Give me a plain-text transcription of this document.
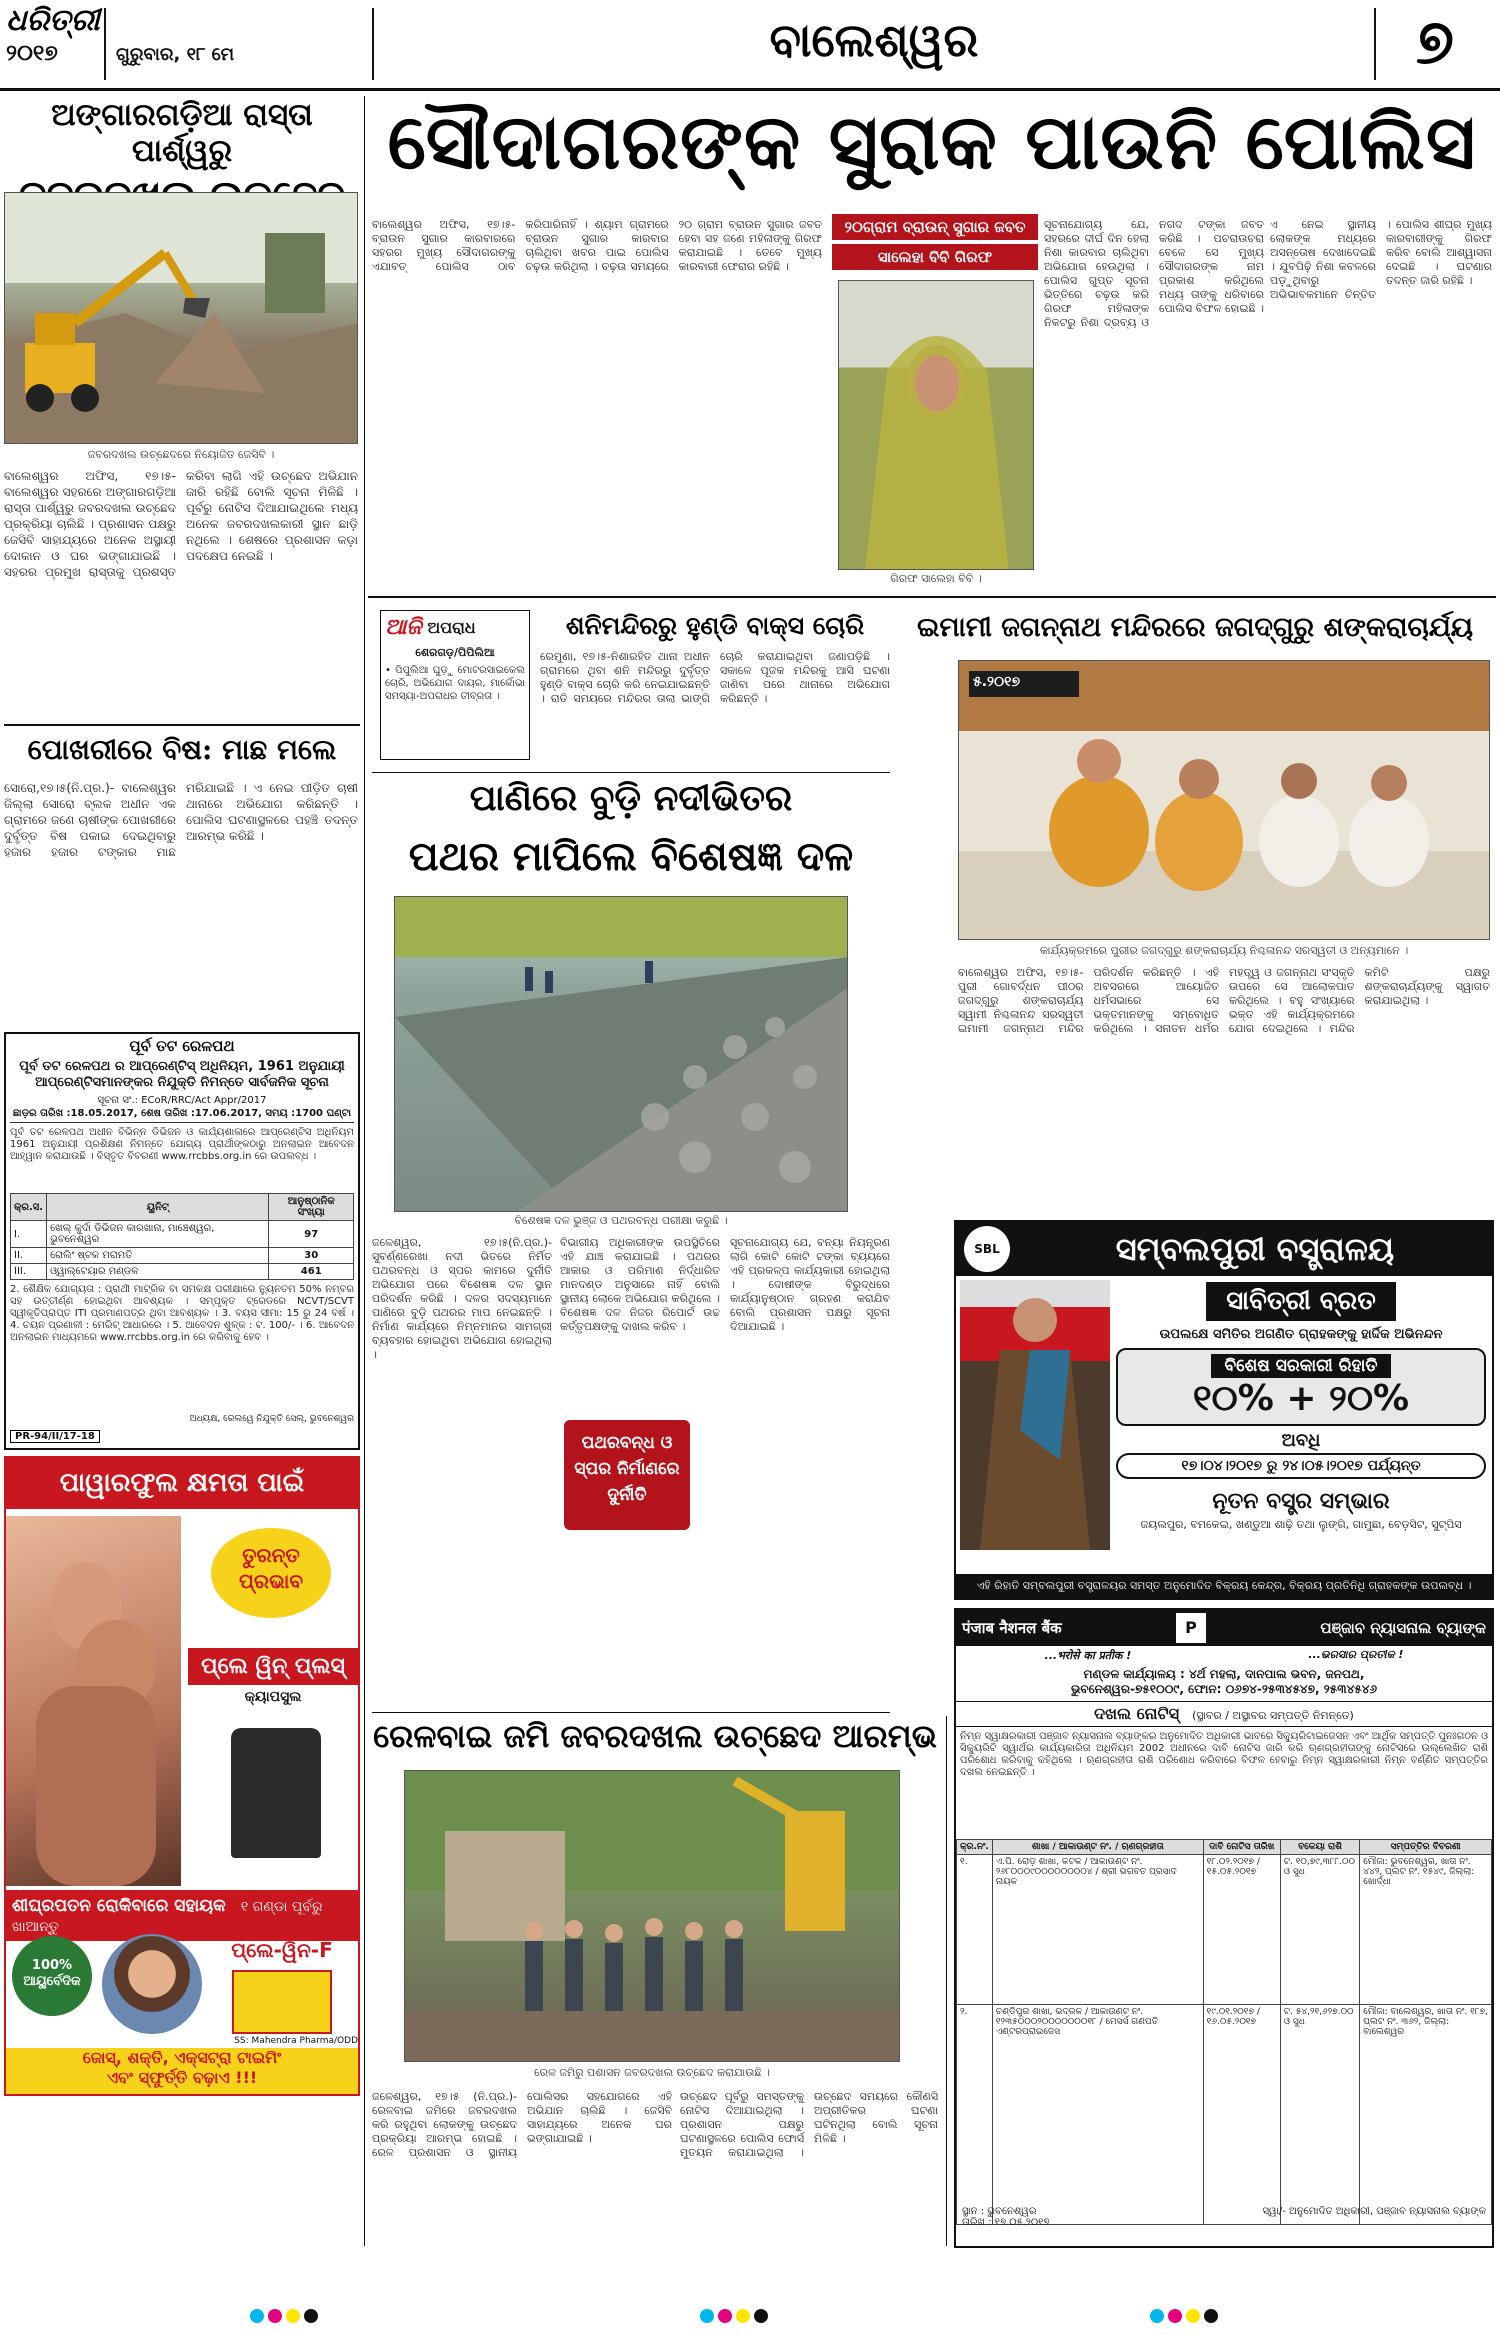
ଧରିତ୍ରୀ
୨୦୧୭	ଗୁରୁବାର, ୧୮ ମେ	ବାଲେଶ୍ୱର	୭
ଅଙ୍ଗାରଗଡ଼ିଆ ରାସ୍ତା ପାର୍ଶ୍ୱରୁ
ଜବରଦଖଲ ଉଚ୍ଛେଦରେ ନିୟୋଜିତ ଜେସିବି ।
ବାଲେଶ୍ୱର ଅଫିସ, ୧୭।୫- ବାଲେଶ୍ୱର ସହରରେ ଅଙ୍ଗାରଗଡ଼ିଆ ରାସ୍ତା ପାର୍ଶ୍ୱରୁ ଜବରଦଖଲ ଉଚ୍ଛେଦ ପ୍ରକ୍ରିୟା ଚାଲିଛି । ପ୍ରଶାସନ ପକ୍ଷରୁ ଜେସିବି ସାହାଯ୍ୟରେ ଅନେକ ଅସ୍ଥାୟୀ ଦୋକାନ ଓ ଘର ଭଙ୍ଗାଯାଇଛି । ସହରର ପ୍ରମୁଖ ରାସ୍ତାକୁ ପ୍ରଶସ୍ତ କରିବା ଲାଗି ଏହି ଉଚ୍ଛେଦ ଅଭିଯାନ ଜାରି ରହିଛି ବୋଲି ସୂଚନା ମିଳିଛି । ପୂର୍ବରୁ ନୋଟିସ ଦିଆଯାଇଥିଲେ ମଧ୍ୟ ଅନେକ ଜବରଦଖଲକାରୀ ସ୍ଥାନ ଛାଡ଼ି ନଥିଲେ । ଶେଷରେ ପ୍ରଶାସନ କଡ଼ା ପଦକ୍ଷେପ ନେଇଛି ।
ପୋଖରୀରେ ବିଷ: ମାଛ ମଲେ
ସୋରୋ,୧୭।୫(ନି.ପ୍ର.)- ବାଲେଶ୍ୱର ଜିଲ୍ଲା ସୋରୋ ବ୍ଲକ ଅଧୀନ ଏକ ଗ୍ରାମରେ ଜଣେ ଚାଷୀଙ୍କ ପୋଖରୀରେ ଦୁର୍ବୃତ୍ତ ବିଷ ପକାଇ ଦେଇଥିବାରୁ ହଜାର ହଜାର ଟଙ୍କାର ମାଛ ମରିଯାଇଛି । ଏ ନେଇ ପୀଡ଼ିତ ଚାଷୀ ଥାନାରେ ଅଭିଯୋଗ କରିଛନ୍ତି । ପୋଲିସ ଘଟଣାସ୍ଥଳରେ ପହଞ୍ଚି ତଦନ୍ତ ଆରମ୍ଭ କରିଛି ।
ପୂର୍ବ ତଟ ରେଳପଥ
ପୂର୍ବ ତଟ ରେଳପଥ ର ଆପ୍ରେଣ୍ଟିସ୍ ଅଧିନିୟମ, 1961 ଅନୁଯାୟୀ ଆପ୍ରେଣ୍ଟିସମାନଙ୍କର ନିଯୁକ୍ତି ନିମନ୍ତେ ସାର୍ବଜନିକ ସୂଚନା
ସୂଚନା ସଂ.: ECoR/RRC/Act Appr/2017
ଛାଡ଼ର ତାରିଖ :18.05.2017, ଶେଷ ତାରିଖ :17.06.2017, ସମୟ :1700 ଘଣ୍ଟା
ପୂର୍ବ ତଟ ରେଳପଥ ଅଧୀନ ବିଭିନ୍ନ ଡିଭିଜନ ଓ କାର୍ଯ୍ୟଶାଳାରେ ଆପ୍ରେଣ୍ଟିସ ଅଧିନିୟମ 1961 ଅନୁଯାୟୀ ପ୍ରଶିକ୍ଷଣ ନିମନ୍ତେ ଯୋଗ୍ୟ ପ୍ରାର୍ଥୀଙ୍କଠାରୁ ଅନଲାଇନ ଆବେଦନ ଆହ୍ୱାନ କରାଯାଉଛି । ବିସ୍ତୃତ ବିବରଣୀ www.rrcbbs.org.in ରେ ଉପଲବ୍ଧ ।
କ୍ର.ସ.	ୟୁନିଟ୍	ଆନୁଷ୍ଠାନିକ ସଂଖ୍ୟା
I.	ଖେଲ୍ କୁର୍ଦା ଡିଭିଜନ କାରଖାନା, ମାଞ୍ଚେଶ୍ୱର, ଭୁବନେଶ୍ୱର	97
II.	ରୋଲିଂ ଷ୍ଟକ ମରାମତି	30
III.	ଓ୍ୱାଲ୍‌ଟେୟାର ମଣ୍ଡଳ	461
2. ଶୈକ୍ଷିକ ଯୋଗ୍ୟତା : ପ୍ରାର୍ଥୀ ମାଟ୍ରିକ ବା ସମକକ୍ଷ ପରୀକ୍ଷାରେ ନ୍ୟୁନତମ 50% ନମ୍ବର ସହ ଉତ୍ତୀର୍ଣ୍ଣ ହୋଇଥିବା ଆବଶ୍ୟକ । ସମ୍ପୃକ୍ତ ଟ୍ରେଡରେ NCVT/SCVT ସ୍ୱୀକୃତିପ୍ରାପ୍ତ ITI ପ୍ରମାଣପତ୍ର ଥିବା ଆବଶ୍ୟକ । 3. ବୟସ ସୀମା: 15 ରୁ 24 ବର୍ଷ । 4. ଚୟନ ପ୍ରଣାଳୀ : ମେରିଟ୍ ଆଧାରରେ । 5. ଆବେଦନ ଶୁଳ୍କ : ଟ. 100/- । 6. ଆବେଦନ ଅନଲାଇନ ମାଧ୍ୟମରେ www.rrcbbs.org.in ରେ କରିବାକୁ ହେବ ।
ଅଧ୍ୟକ୍ଷ, ରେଲୱେ ନିଯୁକ୍ତି ସେଲ୍, ଭୁବନେଶ୍ୱର
PR-94/II/17-18
ପାୱାରଫୁଲ କ୍ଷମତା ପାଇଁ
ତୁରନ୍ତ ପ୍ରଭାବ
ପ୍ଲେ ୱିନ୍ ପ୍ଲସ୍
କ୍ୟାପସୁଲ
ଶୀଘ୍ରପତନ ରୋକିବାରେ ସହାୟକ ୧ ଗଣ୍ଡା ପୂର୍ବରୁ ଖାଆନ୍ତୁ
100% ଆୟୁର୍ବେଦିକ
ପ୍ଲେ-ୱିନ-F
SS: Mahendra Pharma/ODD
ଜୋସ୍, ଶକ୍ତି, ଏକ୍ସଟ୍ରା ଟାଇମିଂ
ଏବଂ ସ୍ଫୁର୍ତ୍ତି ବଢ଼ାଏ !!!
ସୌଦାଗରଙ୍କ ସୁରାକ ପାଉନି ପୋଲିସ
ବାଲେଶ୍ୱର ଅଫିସ, ୧୭।୫- ବ୍ରାଉନ ସୁଗାର କାରବାରରେ ସହରର ମୁଖ୍ୟ ସୌଦାଗରଙ୍କୁ ଏଯାବତ୍ ପୋଲିସ ଠାବ କରିପାରିନାହିଁ । ଶ୍ୟାମ ଗ୍ରାମରେ ବ୍ରାଉନ ସୁଗାର କାରବାର ଚାଲିଥିବା ଖବର ପାଇ ପୋଲିସ ଚଢ଼ଉ କରିଥିଲା । ଚଢ଼ଉ ସମୟରେ ୨୦ ଗ୍ରାମ ବ୍ରାଉନ ସୁଗାର ଜବତ ହେବା ସହ ଜଣେ ମହିଳାଙ୍କୁ ଗିରଫ କରାଯାଇଛି । ତେବେ ମୁଖ୍ୟ କାରବାରୀ ଫେରାର ରହିଛି ।
୨୦ଗ୍ରାମ ବ୍ରାଉନ୍ ସୁଗାର ଜବତ
ସାଲେହା ବିବି ଗିରଫ
ଗିରଫ ସାଲେହା ବିବି ।
ସୂଚନାଯୋଗ୍ୟ ଯେ, ସହରରେ ଦୀର୍ଘ ଦିନ ହେଲା ନିଶା କାରବାର ଚାଲିଥିବା ଅଭିଯୋଗ ହେଉଥିଲା । ପୋଲିସ ଗୁପ୍ତ ସୂଚନା ଭିତ୍ତିରେ ଚଢ଼ଉ କରି ଗିରଫ ମହିଳାଙ୍କ ନିକଟରୁ ନିଶା ଦ୍ରବ୍ୟ ଓ ନଗଦ ଟଙ୍କା ଜବତ କରିଛି । ପଚରାଉଚରା ବେଳେ ସେ ମୁଖ୍ୟ ସୌଦାଗରଙ୍କ ନାମ ପ୍ରକାଶ କରିଥିଲେ ମଧ୍ୟ ତାଙ୍କୁ ଧରିବାରେ ପୋଲିସ ବିଫଳ ହୋଇଛି ।
ଏ ନେଇ ସ୍ଥାନୀୟ ଲୋକଙ୍କ ମଧ୍ୟରେ ଅସନ୍ତୋଷ ଦେଖାଦେଇଛି । ଯୁବପିଢ଼ି ନିଶା କବଳରେ ପଡ଼ୁଥିବାରୁ ଅଭିଭାବକମାନେ ଚିନ୍ତିତ । ପୋଲିସ ଶୀଘ୍ର ମୁଖ୍ୟ କାରବାରୀଙ୍କୁ ଗିରଫ କରିବ ବୋଲି ଆଶ୍ୱାସନା ଦେଇଛି । ଘଟଣାର ତଦନ୍ତ ଜାରି ରହିଛି ।
ଆଜି ଅପରାଧ
ଶେରଗଡ଼/ପିପିଲିଆ
• ପିପୁଲିଆ ଘୁଡ଼ୁ ମୋଟରସାଇକେଲ ଚୋରି, ଅଭିଯୋଗ ଦାୟର, ମାର୍କୋଭା ସମସ୍ୟା-ଅପରାଧର ତୀବ୍ରତା ।
ଶନିମନ୍ଦିରରୁ ହୁଣ୍ଡି ବାକ୍ସ ଚୋରି
ରେମୁଣା, ୧୭।୫-ନିଶାରହିତ ଥାନା ଅଧୀନ ଗ୍ରାମରେ ଥିବା ଶନି ମନ୍ଦିରରୁ ଦୁର୍ବୃତ୍ତ ହୁଣ୍ଡି ବାକ୍ସ ଚୋରି କରି ନେଇଯାଇଛନ୍ତି । ରାତି ସମୟରେ ମନ୍ଦିରର ତାଲା ଭାଙ୍ଗି ଚୋରି କରାଯାଇଥିବା ଜଣାପଡ଼ିଛି । ସକାଳେ ପୂଜକ ମନ୍ଦିରକୁ ଆସି ଘଟଣା ଜାଣିବା ପରେ ଥାନାରେ ଅଭିଯୋଗ କରିଛନ୍ତି ।
ପାଣିରେ ବୁଡ଼ି ନଦୀଭିତର
ପଥର ମାପିଲେ ବିଶେଷଜ୍ଞ ଦଳ
ବିଶେଷଜ୍ଞ ଦଳ ଭୁଞ୍ଜ ଓ ପଥରବନ୍ଧ ପରୀକ୍ଷା କରୁଛି ।
ଜଳେଶ୍ୱର, ୧୭।୫(ନି.ପ୍ର.)- ସୁବର୍ଣ୍ଣରେଖା ନଦୀ ଭିତରେ ନିର୍ମିତ ପଥରବନ୍ଧ ଓ ସ୍ପର କାମରେ ଦୁର୍ନୀତି ଅଭିଯୋଗ ପରେ ବିଶେଷଜ୍ଞ ଦଳ ସ୍ଥାନ ପରିଦର୍ଶନ କରିଛି । ଦଳର ସଦସ୍ୟମାନେ ପାଣିରେ ବୁଡ଼ି ପଥରର ମାପ ନେଇଛନ୍ତି । ନିର୍ମାଣ କାର୍ଯ୍ୟରେ ନିମ୍ନମାନର ସାମଗ୍ରୀ ବ୍ୟବହାର ହୋଇଥିବା ଅଭିଯୋଗ ହୋଇଥିଲା ।
ପଥରବନ୍ଧ ଓ ସ୍ପର ନିର୍ମାଣରେ ଦୁର୍ନୀତି
ବିଭାଗୀୟ ଅଧିକାରୀଙ୍କ ଉପସ୍ଥିତିରେ ଏହି ଯାଞ୍ଚ କରାଯାଇଛି । ପଥରର ଆକାର ଓ ପରିମାଣ ନିର୍ଦ୍ଧାରିତ ମାନଦଣ୍ଡ ଅନୁସାରେ ନାହିଁ ବୋଲି ସ୍ଥାନୀୟ ଲୋକେ ଅଭିଯୋଗ କରିଥିଲେ । ବିଶେଷଜ୍ଞ ଦଳ ନିଜର ରିପୋର୍ଟ ଉଚ୍ଚ କର୍ତ୍ତୃପକ୍ଷଙ୍କୁ ଦାଖଲ କରିବ ।
ସୂଚନାଯୋଗ୍ୟ ଯେ, ବନ୍ୟା ନିୟନ୍ତ୍ରଣ ଲାଗି କୋଟି କୋଟି ଟଙ୍କା ବ୍ୟୟରେ ଏହି ପ୍ରକଳ୍ପ କାର୍ଯ୍ୟକାରୀ ହୋଇଥିଲା । ଦୋଷୀଙ୍କ ବିରୁଦ୍ଧରେ କାର୍ଯ୍ୟାନୁଷ୍ଠାନ ଗ୍ରହଣ କରାଯିବ ବୋଲି ପ୍ରଶାସନ ପକ୍ଷରୁ ସୂଚନା ଦିଆଯାଇଛି ।
ରେଳବାଇ ଜମି ଜବରଦଖଲ ଉଚ୍ଛେଦ ଆରମ୍ଭ
ରେଳ ଜମିରୁ ପଶାସନ ଜବରଦଖଲ ଉଚ୍ଛେଦ କରାଯାଉଛି ।
ଜଳେଶ୍ୱର, ୧୭।୫ (ନି.ପ୍ର.)- ରେଳବାଇ ଜମିରେ ଜବରଦଖଲ କରି ରହୁଥିବା ଲୋକଙ୍କୁ ଉଚ୍ଛେଦ ପ୍ରକ୍ରିୟା ଆରମ୍ଭ ହୋଇଛି । ରେଳ ପ୍ରଶାସନ ଓ ସ୍ଥାନୀୟ ପୋଲିସର ସହଯୋଗରେ ଏହି ଅଭିଯାନ ଚାଲିଛି । ଜେସିବି ସାହାଯ୍ୟରେ ଅନେକ ଘର ଭଙ୍ଗାଯାଇଛି ।
ଉଚ୍ଛେଦ ପୂର୍ବରୁ ସମସ୍ତଙ୍କୁ ନୋଟିସ ଦିଆଯାଇଥିଲା । ପ୍ରଶାସନ ପକ୍ଷରୁ ଘଟଣାସ୍ଥଳରେ ପୋଲିସ ଫୋର୍ସ ମୁତୟନ କରାଯାଇଥିଲା । ଉଚ୍ଛେଦ ସମୟରେ କୌଣସି ଅପ୍ରୀତିକର ଘଟଣା ଘଟିନଥିଲା ବୋଲି ସୂଚନା ମିଳିଛି ।
ଇମାମୀ ଜଗନ୍ନାଥ ମନ୍ଦିରରେ ଜଗଦ୍‌ଗୁରୁ ଶଙ୍କରାଚାର୍ଯ୍ୟ
୫.୨୦୧୭
କାର୍ଯ୍ୟକ୍ରମରେ ପୁରୀର ଜଗଦ୍‌ଗୁରୁ ଶଙ୍କରାଚାର୍ଯ୍ୟ ନିଶ୍ଚଳାନନ୍ଦ ସରସ୍ୱତୀ ଓ ଅନ୍ୟମାନେ ।
ବାଲେଶ୍ୱର ଅଫିସ, ୧୭।୫- ପୁରୀ ଗୋବର୍ଦ୍ଧନ ପୀଠର ଜଗଦ୍‌ଗୁରୁ ଶଙ୍କରାଚାର୍ଯ୍ୟ ସ୍ୱାମୀ ନିଶ୍ଚଳାନନ୍ଦ ସରସ୍ୱତୀ ଇମାମୀ ଜଗନ୍ନାଥ ମନ୍ଦିର ପରିଦର୍ଶନ କରିଛନ୍ତି । ଏହି ଅବସରରେ ଆୟୋଜିତ ଧର୍ମସଭାରେ ସେ ଭକ୍ତମାନଙ୍କୁ ସମ୍ବୋଧିତ କରିଥିଲେ । ସନାତନ ଧର୍ମର ମହତ୍ତ୍ୱ ଓ ଜଗନ୍ନାଥ ସଂସ୍କୃତି ଉପରେ ସେ ଆଲୋକପାତ କରିଥିଲେ । ବହୁ ସଂଖ୍ୟାରେ ଭକ୍ତ ଏହି କାର୍ଯ୍ୟକ୍ରମରେ ଯୋଗ ଦେଇଥିଲେ । ମନ୍ଦିର କମିଟି ପକ୍ଷରୁ ଶଙ୍କରାଚାର୍ଯ୍ୟଙ୍କୁ ସ୍ୱାଗତ କରାଯାଇଥିଲା ।
SBL	ସମ୍ବଲପୁରୀ ବସ୍ତ୍ରାଳୟ
ସାବିତ୍ରୀ ବ୍ରତ
ଉପଲକ୍ଷେ ସମିତିର ଅଗଣିତ ଗ୍ରାହକଙ୍କୁ ହାର୍ଦ୍ଦିକ ଅଭିନନ୍ଦନ
ବିଶେଷ ସରକାରୀ ରିହାତି
୧୦% + ୨୦%
ଅବଧି
୧୭।୦୪।୨୦୧୭ ରୁ ୨୪।୦୫।୨୦୧୭ ପର୍ଯ୍ୟନ୍ତ
ନୂତନ ବସ୍ତ୍ର ସମ୍ଭାର
ଜୟଲପୁର, ବମକେଇ, ଖଣ୍ଡୁଆ ଶାଢ଼ି ତଥା ଲୁଙ୍ଗି, ଗାମୁଛା, ବେଡ଼ସିଟ, ସୁଟ୍‌ପିସ
ଏହି ରିହାତି ସମ୍ବଲପୁରୀ ବସ୍ତ୍ରାଳୟର ସମସ୍ତ ଅନୁମୋଦିତ ବିକ୍ରୟ କେନ୍ଦ୍ର, ବିକ୍ରୟ ପ୍ରତିନିଧି ଗ୍ରାହକଙ୍କ ଉପଲବ୍ଧ ।
पंजाब नैशनल बैंक	P	ପଞ୍ଜାବ ନ୍ୟାସନାଲ ବ୍ୟାଙ୍କ
...भरोसे का प्रतीक !	...ଭରସାର ପ୍ରତୀକ !
ମଣ୍ଡଳ କାର୍ଯ୍ୟାଳୟ : ୪ର୍ଥ ମହଲା, ଦାନପାଲ ଭବନ, ଜନପଥ,
ଭୁବନେଶ୍ୱର-୭୫୧୦୦୯, ଫୋନ: ୦୬୭୪-୨୫୩୪୫୪୭, ୨୫୩୪୫୪୬
ଦଖଲ ନୋଟିସ୍ (ସ୍ଥାବର / ଅସ୍ଥାବର ସମ୍ପତ୍ତି ନିମନ୍ତେ)
ନିମ୍ନ ସ୍ୱାକ୍ଷରକାରୀ ପଞ୍ଜାବ ନ୍ୟାସନାଲ ବ୍ୟାଙ୍କର ଅନୁମୋଦିତ ଅଧିକାରୀ ଭାବରେ ସିକ୍ୟୁରିଟାଇଜେସନ ଏବଂ ଆର୍ଥିକ ସମ୍ପତ୍ତି ପୁନଃଗଠନ ଓ ସିକ୍ୟୁରିଟି ସ୍ୱାର୍ଥର କାର୍ଯ୍ୟକାରିତା ଅଧିନିୟମ 2002 ଅଧୀନରେ ଦାବି ନୋଟିସ ଜାରି କରି ଋଣଗ୍ରହୀତାଙ୍କୁ ନୋଟିସରେ ଉଲ୍ଲେଖିତ ରାଶି ପରିଶୋଧ କରିବାକୁ କହିଥିଲେ । ଋଣଗ୍ରହୀତା ରାଶି ପରିଶୋଧ କରିବାରେ ବିଫଳ ହେବାରୁ ନିମ୍ନ ସ୍ୱାକ୍ଷରକାରୀ ନିମ୍ନ ବର୍ଣ୍ଣିତ ସମ୍ପତ୍ତିର ଦଖଲ ନେଇଛନ୍ତି ।
କ୍ର.ନଂ.	ଶାଖା / ଆକାଉଣ୍ଟ ନଂ. / ଋଣଗ୍ରହୀତା	ଦାବି ନୋଟିସ ତାରିଖ	ବକେୟା ରାଶି	ସମ୍ପତ୍ତିର ବିବରଣୀ
୧.	ଏ.ପି. ରୋଡ଼ ଶାଖା, କଟକ / ଆକାଉଣ୍ଟ ନଂ. ୨୬୮୦୦୦୯୦୦୦୦୦୦୦୦୪ / ଶ୍ରୀ ଭଗବତ ପ୍ରସାଦ ନାୟକ	୧୮.୦୨.୨୦୧୭ / ୧୫.୦୫.୨୦୧୭	ଟ. ୧୦,୭୯,୩୮୮.୦୦ ଓ ସୁଧ	ମୌଜା: ଭୁବନେଶ୍ୱର, ଖାତା ନଂ. ୪୪୨, ପ୍ଲଟ ନଂ. ୧୫୪୯, ଜିଲ୍ଲା: ଖୋର୍ଦ୍ଧା
୨.	ଚଣ୍ଡିପୁର ଶାଖା, ଭଦ୍ରକ / ଆକାଉଣ୍ଟ ନଂ. ୧୨୩୫୦୦୦୨୦୦୦୦୦୦୦୧୮ / ମେସର୍ସ ଗଣପତି ଏଣ୍ଟରପ୍ରାଇଜେସ	୧୯.୦୧.୨୦୧୭ / ୧୬.୦୫.୨୦୧୭	ଟ. ୫୪,୨୧,୬୨୭.୦୦ ଓ ସୁଧ	ମୌଜା: ବାଲେଶ୍ୱର, ଖାତା ନଂ. ୧୮୭, ପ୍ଲଟ ନଂ. ୩୬୨, ଜିଲ୍ଲା: ବାଲେଶ୍ୱର
ସ୍ଥାନ : ଭୁବନେଶ୍ୱର
ତାରିଖ : ୧୭.୦୫.୨୦୧୭
ସ୍ୱା/- ଅନୁମୋଦିତ ଅଧିକାରୀ, ପଞ୍ଜାବ ନ୍ୟାସନାଲ ବ୍ୟାଙ୍କ
